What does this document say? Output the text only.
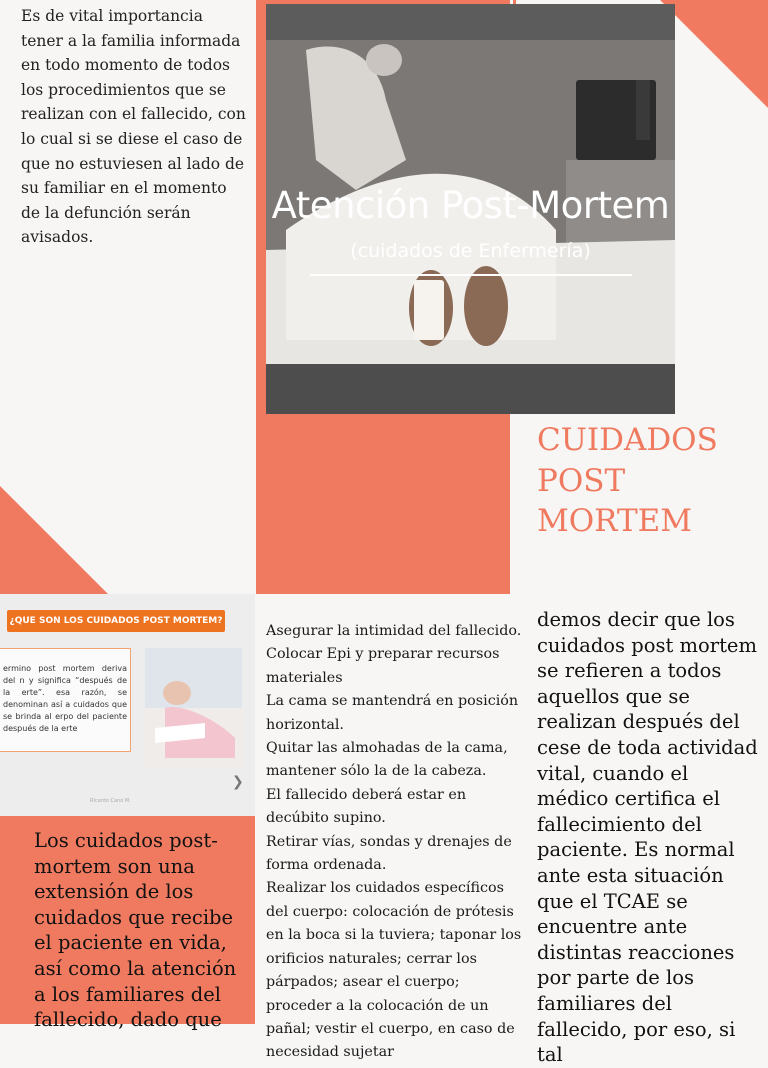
Es de vital importancia tener a la familia informada en todo momento de todos los procedimientos que se realizan con el fallecido, con lo cual si se diese el caso de que no estuviesen al lado de su familiar en el momento de la defunción serán avisados.
Atención Post-Mortem
(cuidados de Enfermería)
CUIDADOS POST MORTEM
¿QUE SON LOS CUIDADOS POST MORTEM?
ermino post mortem deriva del n y significa “después de la erte”. esa razón, se denominan así a cuidados que se brinda al erpo del paciente después de la erte
❯
Ricardo Cano M.
Los cuidados post-mortem son una extensión de los cuidados que recibe el paciente en vida, así como la atención a los familiares del fallecido, dado que
Asegurar la intimidad del fallecido.
Colocar Epi y preparar recursos materiales
La cama se mantendrá en posición horizontal.
Quitar las almohadas de la cama, mantener sólo la de la cabeza.
El fallecido deberá estar en decúbito supino.
Retirar vías, sondas y drenajes de forma ordenada.
Realizar los cuidados específicos del cuerpo: colocación de prótesis en la boca si la tuviera; taponar los orificios naturales; cerrar los párpados; asear el cuerpo; proceder a la colocación de un pañal; vestir el cuerpo, en caso de necesidad sujetar
demos decir que los cuidados post mortem se refieren a todos aquellos que se realizan después del cese de toda actividad vital, cuando el médico certifica el fallecimiento del paciente. Es normal ante esta situación que el TCAE se encuentre ante distintas reacciones por parte de los familiares del fallecido, por eso, si tal
